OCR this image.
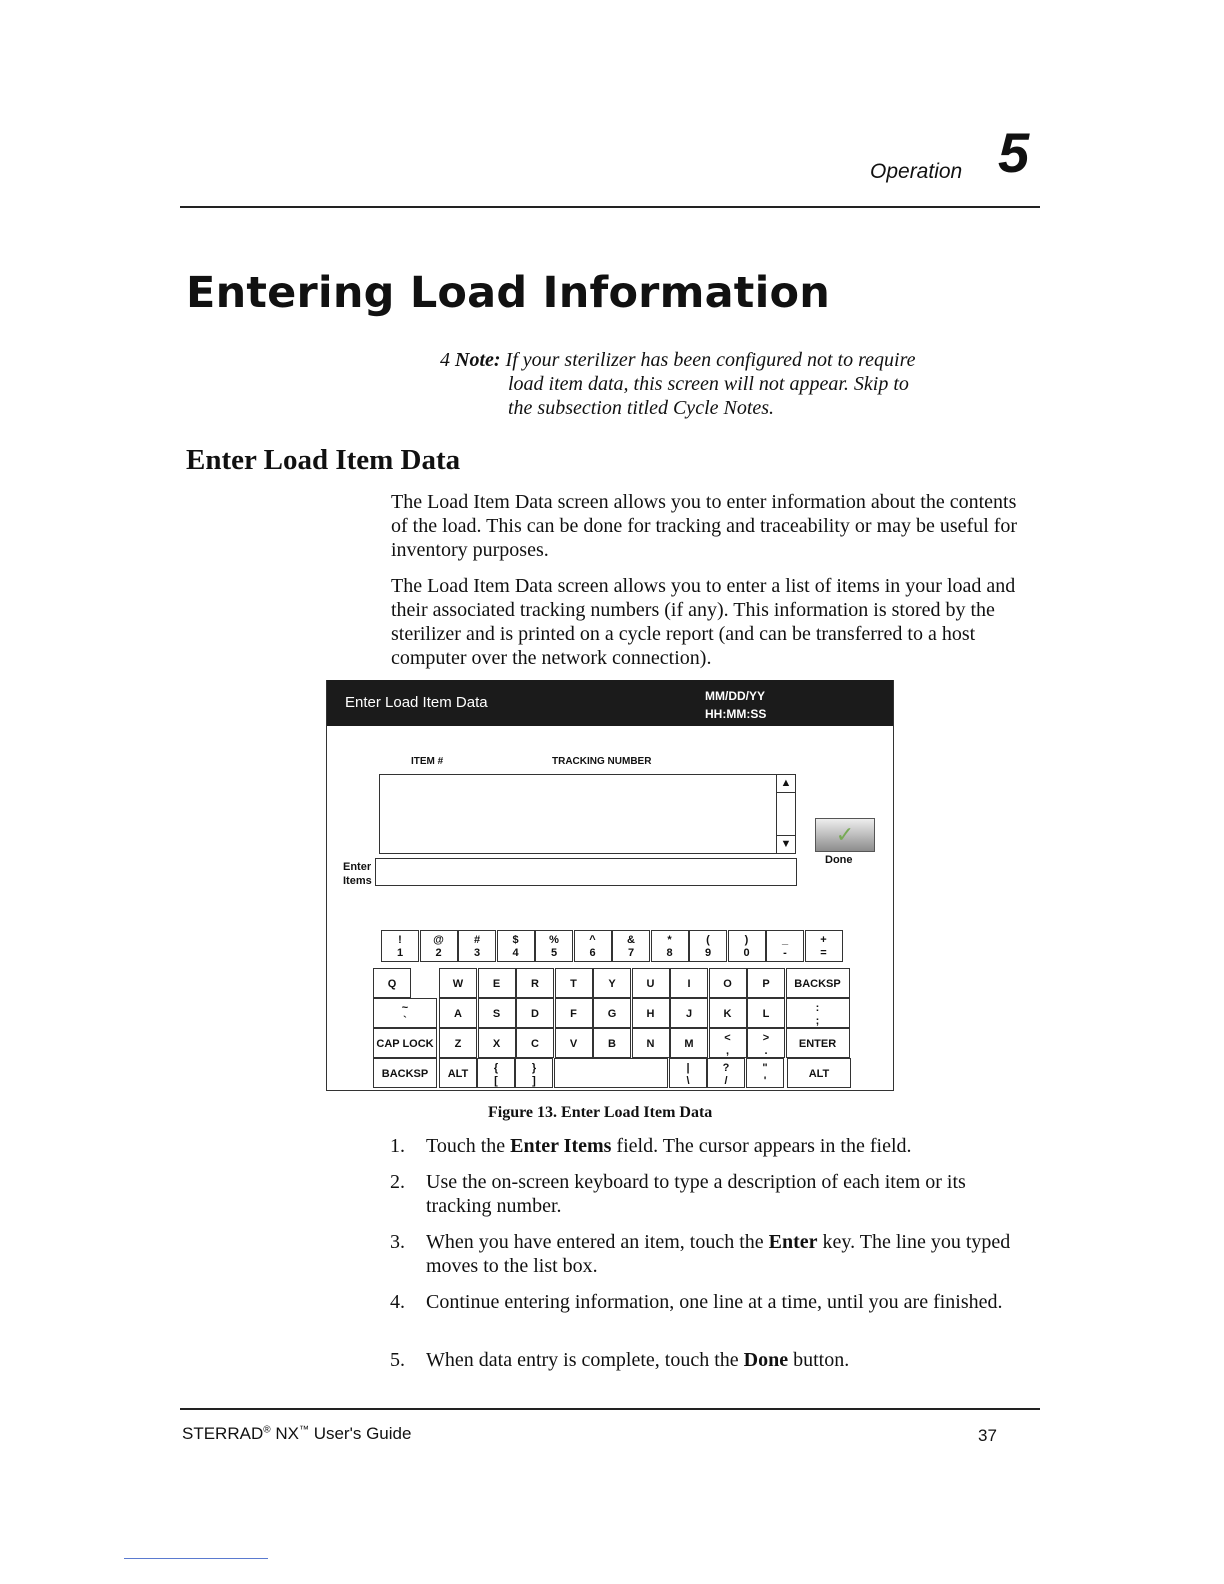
Operation 5
Entering Load Information
4 Note: If your sterilizer has been configured not to require
load item data, this screen will not appear. Skip to
the subsection titled Cycle Notes.
Enter Load Item Data
The Load Item Data screen allows you to enter information about the contents of the load. This can be done for tracking and traceability or may be useful for inventory purposes.
The Load Item Data screen allows you to enter a list of items in your load and their associated tracking numbers (if any). This information is stored by the sterilizer and is printed on a cycle report (and can be transferred to a host computer over the network connection).
Enter Load Item Data	MM/DD/YY
HH:MM:SS
ITEM #	TRACKING NUMBER
▲
▼
Enter
Items
✓
Done
!
1
@
2
#
3
$
4
%
5
^
6
&
7
*
8
(
9
)
0
_
-
+
=
Q	W	E	R	T	Y	U	I	O	P	BACKSP
~
`
A	S	D	F	G	H	J	K	L	:
;
CAP LOCK	Z	X	C	V	B	N	M	<
,
>
.
ENTER
BACKSP	ALT	{
[
}
]
|
\
?
/
"
'
ALT
Figure 13. Enter Load Item Data
1. Touch the Enter Items field. The cursor appears in the field.
2. Use the on-screen keyboard to type a description of each item or its tracking number.
3. When you have entered an item, touch the Enter key. The line you typed moves to the list box.
4. Continue entering information, one line at a time, until you are finished.
5. When data entry is complete, touch the Done button.
STERRAD® NX™ User's Guide	37
